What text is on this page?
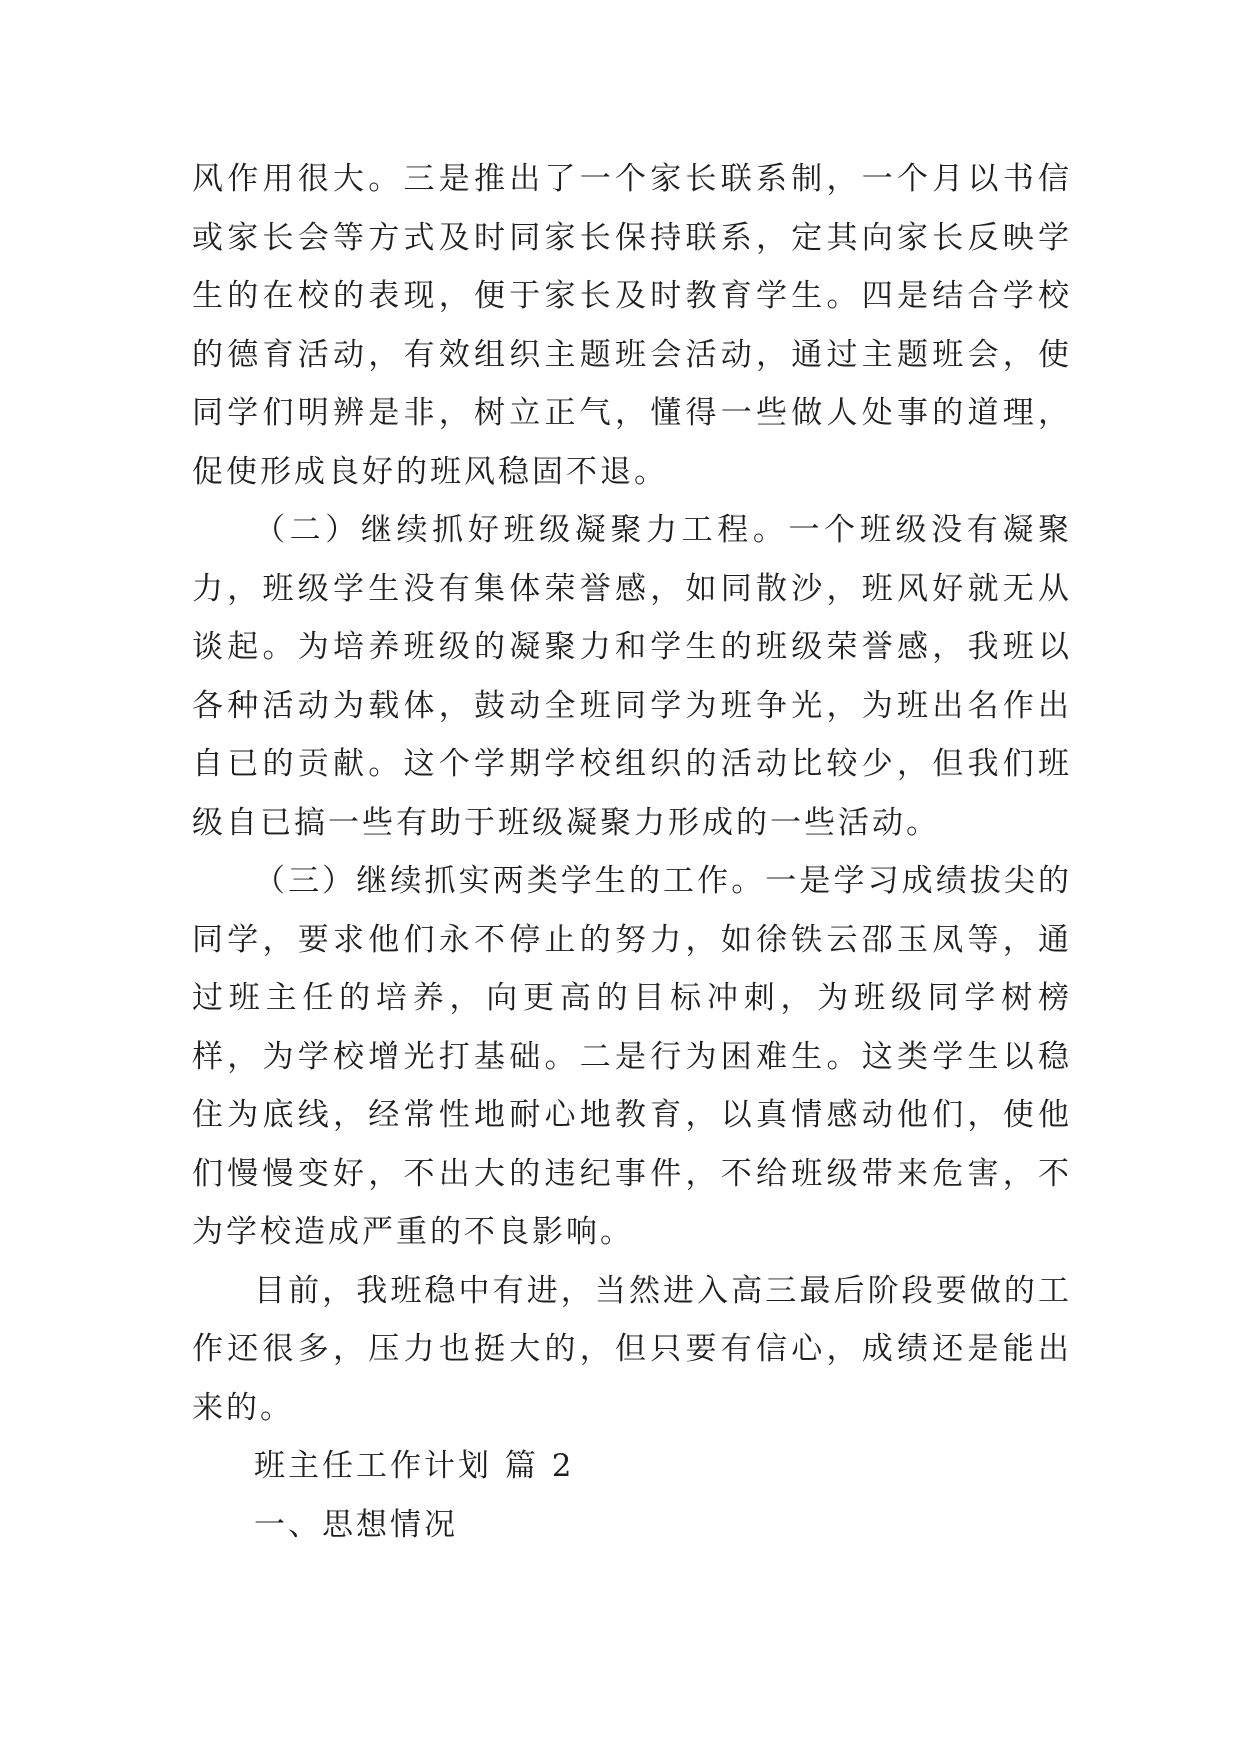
风作用很大。三是推出了一个家长联系制，一个月以书信或家长会等方式及时同家长保持联系，定其向家长反映学生的在校的表现，便于家长及时教育学生。四是结合学校的德育活动，有效组织主题班会活动，通过主题班会，使同学们明辨是非，树立正气，懂得一些做人处事的道理，促使形成良好的班风稳固不退。

（二）继续抓好班级凝聚力工程。一个班级没有凝聚力，班级学生没有集体荣誉感，如同散沙，班风好就无从谈起。为培养班级的凝聚力和学生的班级荣誉感，我班以各种活动为载体，鼓动全班同学为班争光，为班出名作出自已的贡献。这个学期学校组织的活动比较少，但我们班级自已搞一些有助于班级凝聚力形成的一些活动。

（三）继续抓实两类学生的工作。一是学习成绩拔尖的同学，要求他们永不停止的努力，如徐铁云邵玉凤等，通过班主任的培养，向更高的目标冲刺，为班级同学树榜样，为学校增光打基础。二是行为困难生。这类学生以稳住为底线，经常性地耐心地教育，以真情感动他们，使他们慢慢变好，不出大的违纪事件，不给班级带来危害，不为学校造成严重的不良影响。

目前，我班稳中有进，当然进入高三最后阶段要做的工作还很多，压力也挺大的，但只要有信心，成绩还是能出来的。

班主任工作计划 篇 2

一、思想情况
